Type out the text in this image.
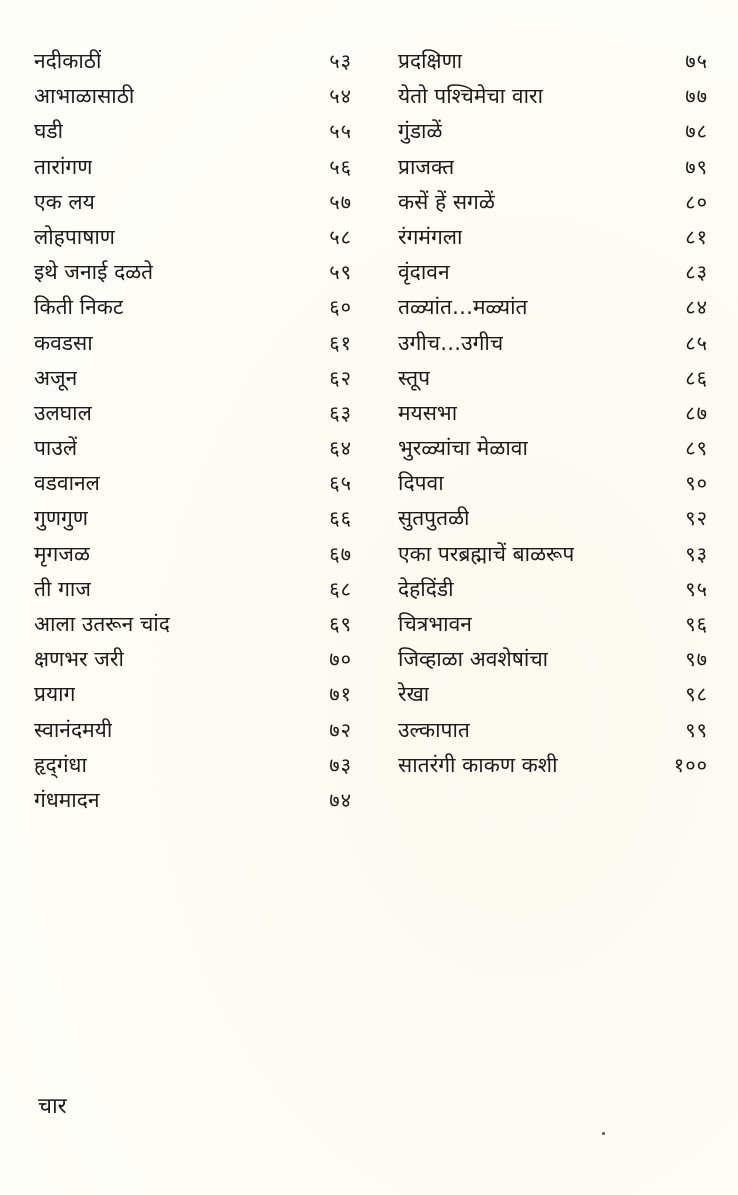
नदीकाठीं	५३
आभाळासाठी	५४
घडी	५५
तारांगण	५६
एक लय	५७
लोहपाषाण	५८
इथे जनाई दळते	५९
किती निकट	६०
कवडसा	६१
अजून	६२
उलघाल	६३
पाउलें	६४
वडवानल	६५
गुणगुण	६६
मृगजळ	६७
ती गाज	६८
आला उतरून चांद	६९
क्षणभर जरी	७०
प्रयाग	७१
स्वानंदमयी	७२
हृद्‌गंधा	७३
गंधमादन	७४
प्रदक्षिणा	७५
येतो पश्चिमेचा वारा	७७
गुंडाळें	७८
प्राजक्त	७९
कसें हें सगळें	८०
रंगमंगला	८१
वृंदावन	८३
तळ्यांत…मळ्यांत	८४
उगीच…उगीच	८५
स्तूप	८६
मयसभा	८७
भुरळ्यांचा मेळावा	८९
दिपवा	९०
सुतपुतळी	९२
एका परब्रह्माचें बाळरूप	९३
देहदिंडी	९५
चित्रभावन	९६
जिव्हाळा अवशेषांचा	९७
रेखा	९८
उल्कापात	९९
सातरंगी काकण कशी	१००
चार
